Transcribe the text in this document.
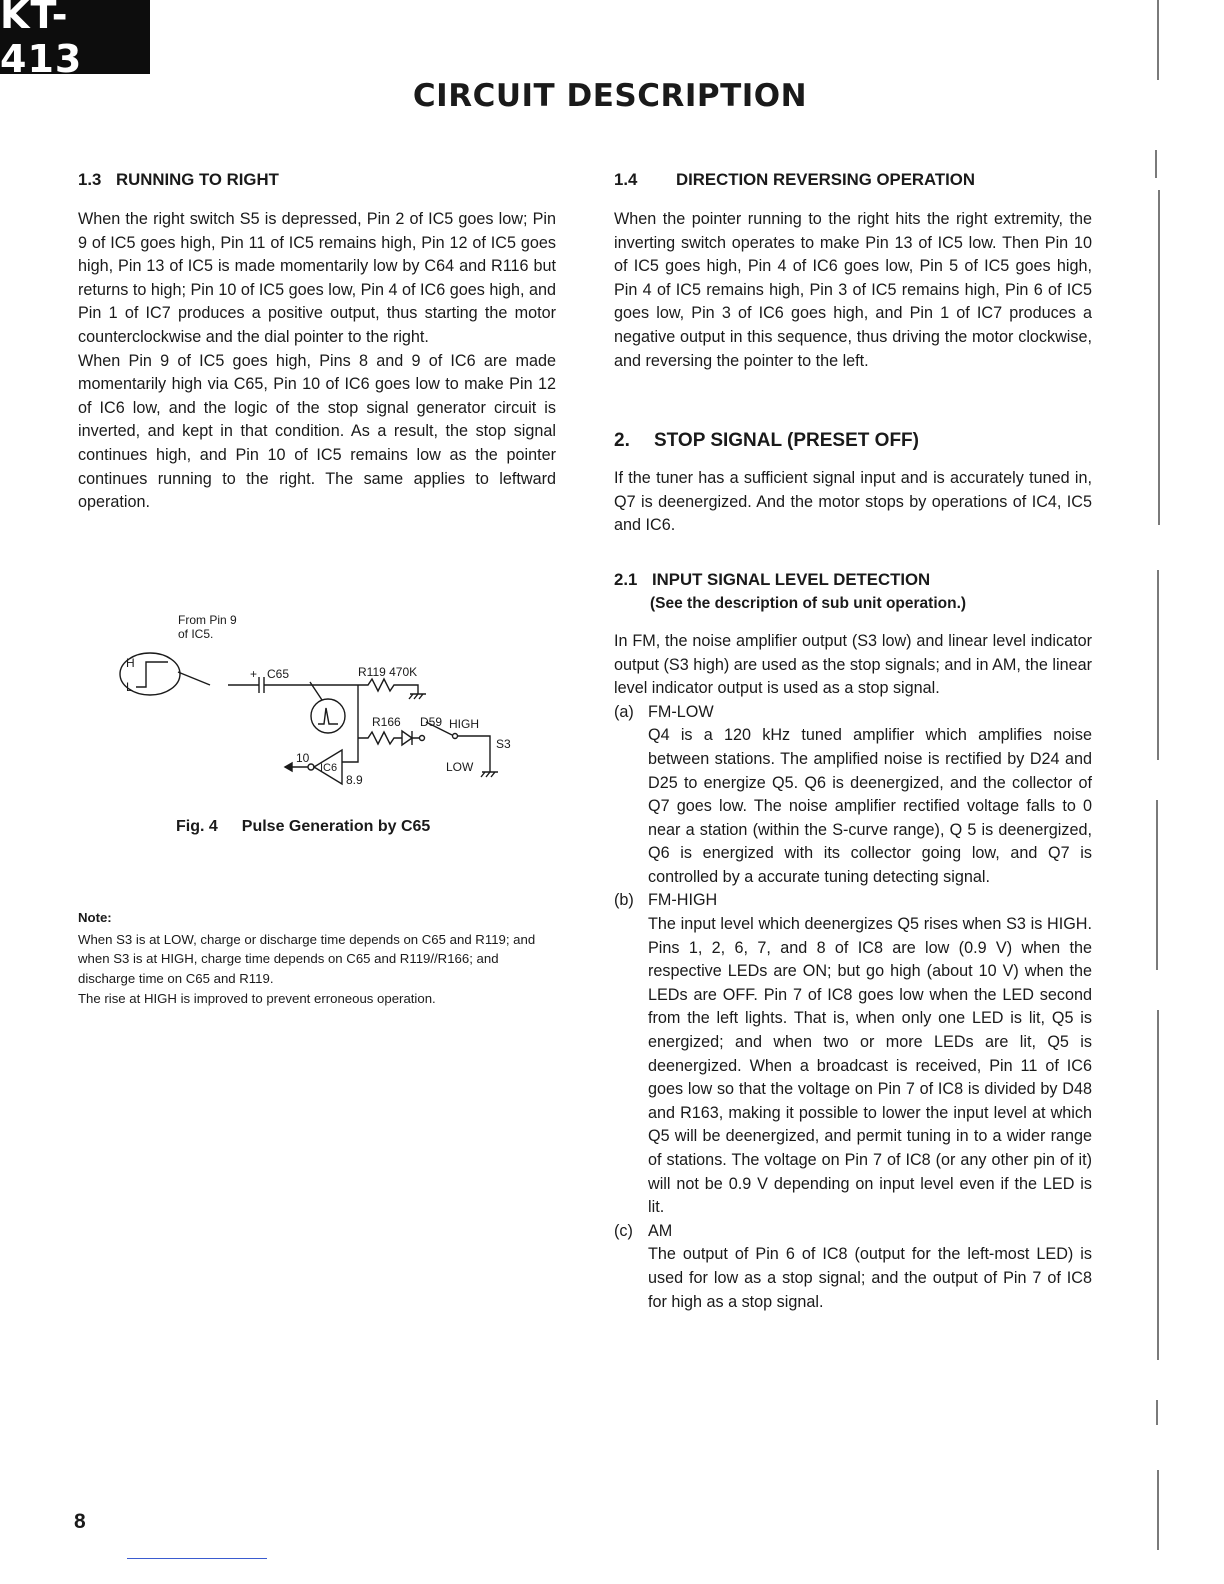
KT-413
CIRCUIT DESCRIPTION
1.3 RUNNING TO RIGHT

When the right switch S5 is depressed, Pin 2 of IC5 goes low; Pin 9 of IC5 goes high, Pin 11 of IC5 remains high, Pin 12 of IC5 goes high, Pin 13 of IC5 is made momentarily low by C64 and R116 but returns to high; Pin 10 of IC5 goes low, Pin 4 of IC6 goes high, and Pin 1 of IC7 produces a positive output, thus starting the motor counterclockwise and the dial pointer to the right.

When Pin 9 of IC5 goes high, Pins 8 and 9 of IC6 are made momentarily high via C65, Pin 10 of IC6 goes low to make Pin 12 of IC6 low, and the logic of the stop signal generator circuit is inverted, and kept in that condition. As a result, the stop signal continues high, and Pin 10 of IC5 remains low as the pointer continues running to the right. The same applies to leftward operation.

From Pin 9
of IC5.
H
L
+ C65	R119 470K
R166 D59 HIGH
S3
LOW
10
IC6
8.9
Fig. 4 Pulse Generation by C65
Note:

When S3 is at LOW, charge or discharge time depends on C65 and R119; and when S3 is at HIGH, charge time depends on C65 and R119//R166; and discharge time on C65 and R119.

The rise at HIGH is improved to prevent erroneous operation.

1.4 DIRECTION REVERSING OPERATION

When the pointer running to the right hits the right extremity, the inverting switch operates to make Pin 13 of IC5 low. Then Pin 10 of IC5 goes high, Pin 4 of IC6 goes low, Pin 5 of IC5 goes high, Pin 4 of IC5 remains high, Pin 3 of IC5 remains high, Pin 6 of IC5 goes low, Pin 3 of IC6 goes high, and Pin 1 of IC7 produces a negative output in this sequence, thus driving the motor clockwise, and reversing the pointer to the left.

2. STOP SIGNAL (PRESET OFF)

If the tuner has a sufficient signal input and is accurately tuned in, Q7 is deenergized. And the motor stops by operations of IC4, IC5 and IC6.

2.1 INPUT SIGNAL LEVEL DETECTION
(See the description of sub unit operation.)

In FM, the noise amplifier output (S3 low) and linear level indicator output (S3 high) are used as the stop signals; and in AM, the linear level indicator output is used as a stop signal.

(a) FM-LOW
Q4 is a 120 kHz tuned amplifier which amplifies noise between stations. The amplified noise is rectified by D24 and D25 to energize Q5. Q6 is deenergized, and the collector of Q7 goes low. The noise amplifier rectified voltage falls to 0 near a station (within the S-curve range), Q 5 is deenergized, Q6 is energized with its collector going low, and Q7 is controlled by a accurate tuning detecting signal.
(b) FM-HIGH
The input level which deenergizes Q5 rises when S3 is HIGH. Pins 1, 2, 6, 7, and 8 of IC8 are low (0.9 V) when the respective LEDs are ON; but go high (about 10 V) when the LEDs are OFF. Pin 7 of IC8 goes low when the LED second from the left lights. That is, when only one LED is lit, Q5 is energized; and when two or more LEDs are lit, Q5 is deenergized. When a broadcast is received, Pin 11 of IC6 goes low so that the voltage on Pin 7 of IC8 is divided by D48 and R163, making it possible to lower the input level at which Q5 will be deenergized, and permit tuning in to a wider range of stations. The voltage on Pin 7 of IC8 (or any other pin of it) will not be 0.9 V depending on input level even if the LED is lit.
(c) AM
The output of Pin 6 of IC8 (output for the left-most LED) is used for low as a stop signal; and the output of Pin 7 of IC8 for high as a stop signal.
8
